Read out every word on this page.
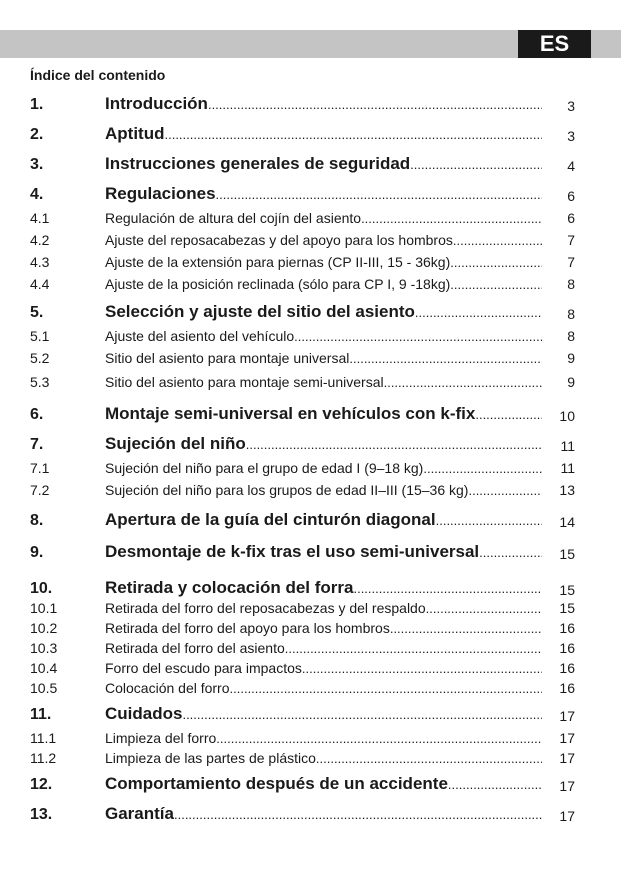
ES
Índice del contenido
1.	Introducción .....	3
2.	Aptitud .....	3
3.	Instrucciones generales de seguridad .....	4
4.	Regulaciones .....	6
4.1	Regulación de altura del cojín del asiento .....	6
4.2	Ajuste del reposacabezas y del apoyo para los hombros .....	7
4.3	Ajuste de la extensión para piernas (CP II-III, 15 - 36kg) .....	7
4.4	Ajuste de la posición reclinada (sólo para CP I, 9 -18kg) .....	8
5.	Selección y ajuste del sitio del asiento .....	8
5.1	Ajuste del asiento del vehículo .....	8
5.2	Sitio del asiento para montaje universal .....	9
5.3	Sitio del asiento para montaje semi-universal .....	9
6.	Montaje semi-universal en vehículos con k-fix .....	10
7.	Sujeción del niño .....	11
7.1	Sujeción del niño para el grupo de edad I (9–18 kg) .....	11
7.2	Sujeción del niño para los grupos de edad II–III (15–36 kg) .....	13
8.	Apertura de la guía del cinturón diagonal .....	14
9.	Desmontaje de k-fix tras el uso semi-universal .....	15
10.	Retirada y colocación del forra .....	15
10.1	Retirada del forro del reposacabezas y del respaldo .....	15
10.2	Retirada del forro del apoyo para los hombros .....	16
10.3	Retirada del forro del asiento .....	16
10.4	Forro del escudo para impactos .....	16
10.5	Colocación del forro .....	16
11.	Cuidados .....	17
11.1	Limpieza del forro .....	17
11.2	Limpieza de las partes de plástico .....	17
12.	Comportamiento después de un accidente .....	17
13.	Garantía .....	17
